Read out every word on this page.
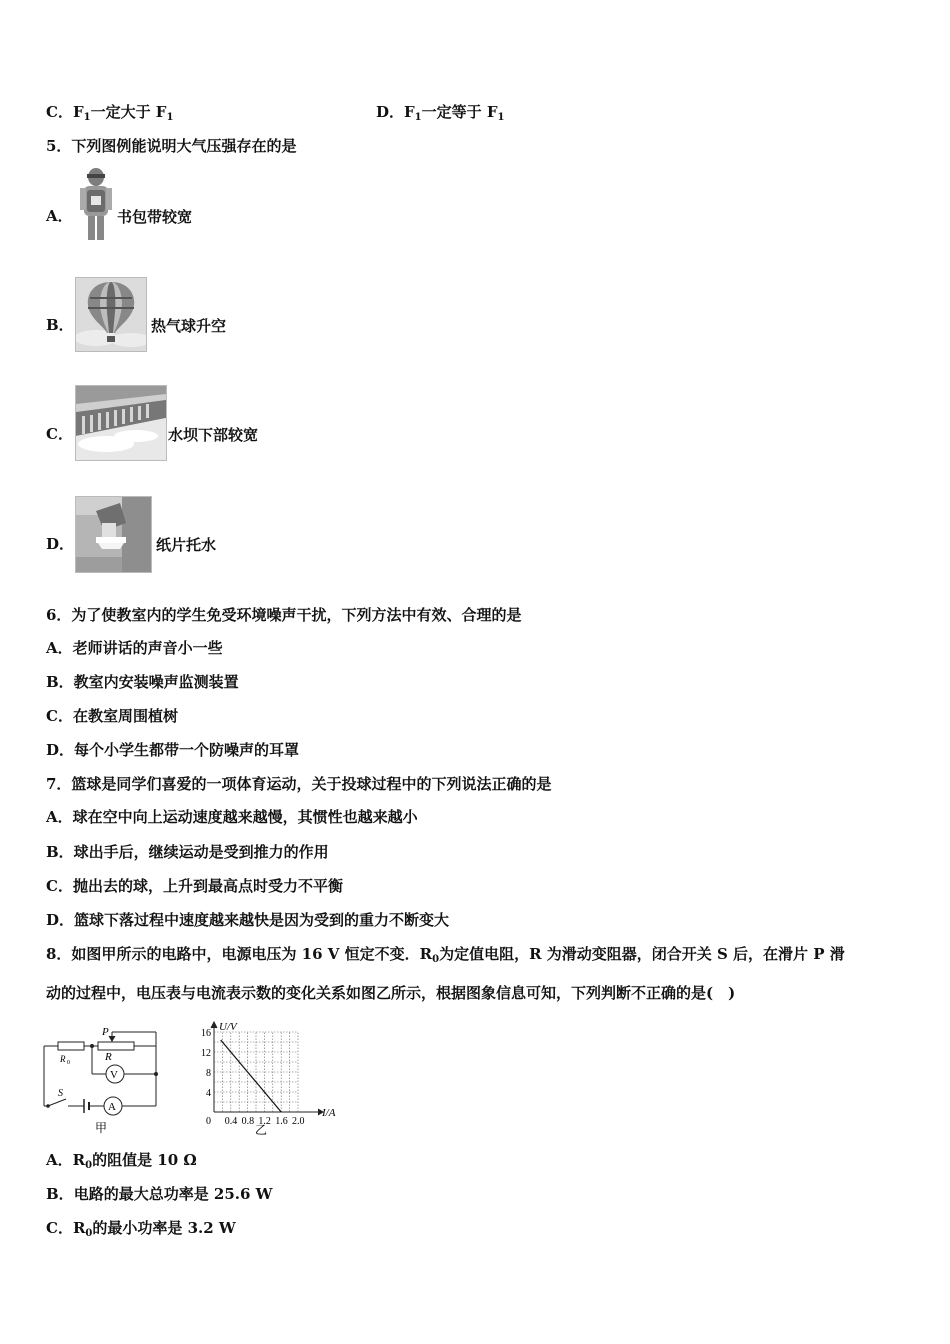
C．$F_1$一定大于 $F_1$	D．$F_1$一定等于 $F_1$
5．下列图例能说明大气压强存在的是
A．	书包带较宽
B．	热气球升空
C．	水坝下部较宽
D．	纸片托水
6．为了使教室内的学生免受环境噪声干扰，下列方法中有效、合理的是
A．老师讲话的声音小一些
B．教室内安装噪声监测装置
C．在教室周围植树
D．每个小学生都带一个防噪声的耳罩
7．篮球是同学们喜爱的一项体育运动，关于投球过程中的下列说法正确的是
A．球在空中向上运动速度越来越慢，其惯性也越来越小
B．球出手后，继续运动是受到推力的作用
C．抛出去的球，上升到最高点时受力不平衡
D．篮球下落过程中速度越来越快是因为受到的重力不断变大
8．如图甲所示的电路中，电源电压为 16 V 恒定不变．$R_0$为定值电阻，R 为滑动变阻器，闭合开关 S 后，在滑片 P 滑
动的过程中，电压表与电流表示数的变化关系如图乙所示，根据图象信息可知，下列判断不正确的是(　)
P
R
R 0
V
A
S
甲	0 0.4 0.8 1.2 1.6 2.0
4
8
12
16
U/V
I/A
乙
A．$R_0$的阻值是 10 Ω
B．电路的最大总功率是 25.6 W
C．$R_0$的最小功率是 3.2 W
